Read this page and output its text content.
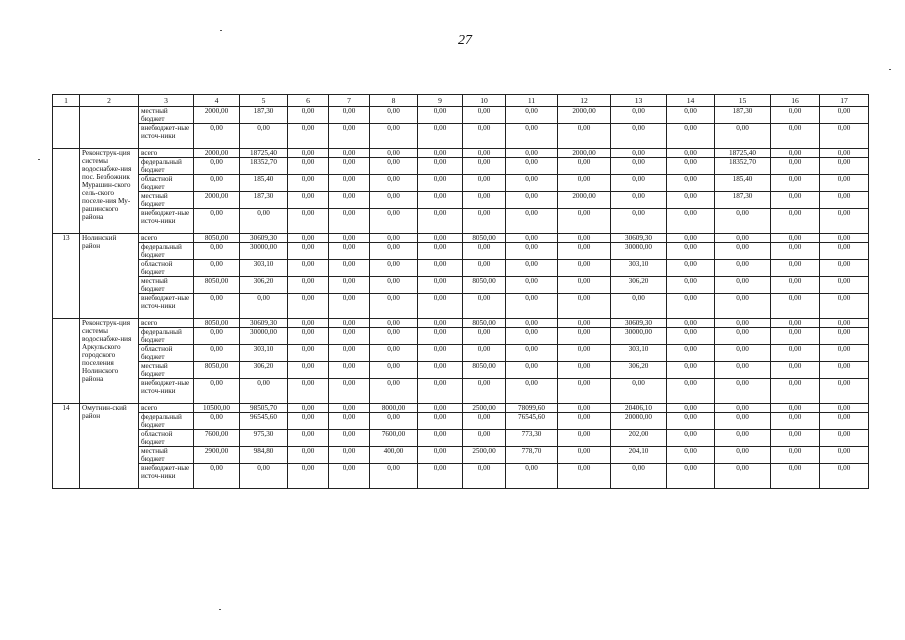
27
1	2	3	4	5	6	7	8	9	10	11	12	13	14	15	16	17
		местный бюджет	2000,00	187,30	0,00	0,00	0,00	0,00	0,00	0,00	2000,00	0,00	0,00	187,30	0,00	0,00
		внебюджет-ные источ-ники	0,00	0,00	0,00	0,00	0,00	0,00	0,00	0,00	0,00	0,00	0,00	0,00	0,00	0,00
	Реконструк-ция системы водоснабже-ния пос. Безбожник Мурашин-ского сель-ского поселе-ния Му-рашинского района	всего	2000,00	18725,40	0,00	0,00	0,00	0,00	0,00	0,00	2000,00	0,00	0,00	18725,40	0,00	0,00
		федеральный бюджет	0,00	18352,70	0,00	0,00	0,00	0,00	0,00	0,00	0,00	0,00	0,00	18352,70	0,00	0,00
		областной бюджет	0,00	185,40	0,00	0,00	0,00	0,00	0,00	0,00	0,00	0,00	0,00	185,40	0,00	0,00
		местный бюджет	2000,00	187,30	0,00	0,00	0,00	0,00	0,00	0,00	2000,00	0,00	0,00	187,30	0,00	0,00
		внебюджет-ные источ-ники	0,00	0,00	0,00	0,00	0,00	0,00	0,00	0,00	0,00	0,00	0,00	0,00	0,00	0,00
13	Нолинский район	всего	8050,00	30609,30	0,00	0,00	0,00	0,00	8050,00	0,00	0,00	30609,30	0,00	0,00	0,00	0,00
		федеральный бюджет	0,00	30000,00	0,00	0,00	0,00	0,00	0,00	0,00	0,00	30000,00	0,00	0,00	0,00	0,00
		областной бюджет	0,00	303,10	0,00	0,00	0,00	0,00	0,00	0,00	0,00	303,10	0,00	0,00	0,00	0,00
		местный бюджет	8050,00	306,20	0,00	0,00	0,00	0,00	8050,00	0,00	0,00	306,20	0,00	0,00	0,00	0,00
		внебюджет-ные источ-ники	0,00	0,00	0,00	0,00	0,00	0,00	0,00	0,00	0,00	0,00	0,00	0,00	0,00	0,00
	Реконструк-ция системы водоснабже-ния Аркульского городского поселения Нолинского района	всего	8050,00	30609,30	0,00	0,00	0,00	0,00	8050,00	0,00	0,00	30609,30	0,00	0,00	0,00	0,00
		федеральный бюджет	0,00	30000,00	0,00	0,00	0,00	0,00	0,00	0,00	0,00	30000,00	0,00	0,00	0,00	0,00
		областной бюджет	0,00	303,10	0,00	0,00	0,00	0,00	0,00	0,00	0,00	303,10	0,00	0,00	0,00	0,00
		местный бюджет	8050,00	306,20	0,00	0,00	0,00	0,00	8050,00	0,00	0,00	306,20	0,00	0,00	0,00	0,00
		внебюджет-ные источ-ники	0,00	0,00	0,00	0,00	0,00	0,00	0,00	0,00	0,00	0,00	0,00	0,00	0,00	0,00
14	Омутнин-ский район	всего	10500,00	98505,70	0,00	0,00	8000,00	0,00	2500,00	78099,60	0,00	20406,10	0,00	0,00	0,00	0,00
		федеральный бюджет	0,00	96545,60	0,00	0,00	0,00	0,00	0,00	76545,60	0,00	20000,00	0,00	0,00	0,00	0,00
		областной бюджет	7600,00	975,30	0,00	0,00	7600,00	0,00	0,00	773,30	0,00	202,00	0,00	0,00	0,00	0,00
		местный бюджет	2900,00	984,80	0,00	0,00	400,00	0,00	2500,00	778,70	0,00	204,10	0,00	0,00	0,00	0,00
		внебюджет-ные источ-ники	0,00	0,00	0,00	0,00	0,00	0,00	0,00	0,00	0,00	0,00	0,00	0,00	0,00	0,00
